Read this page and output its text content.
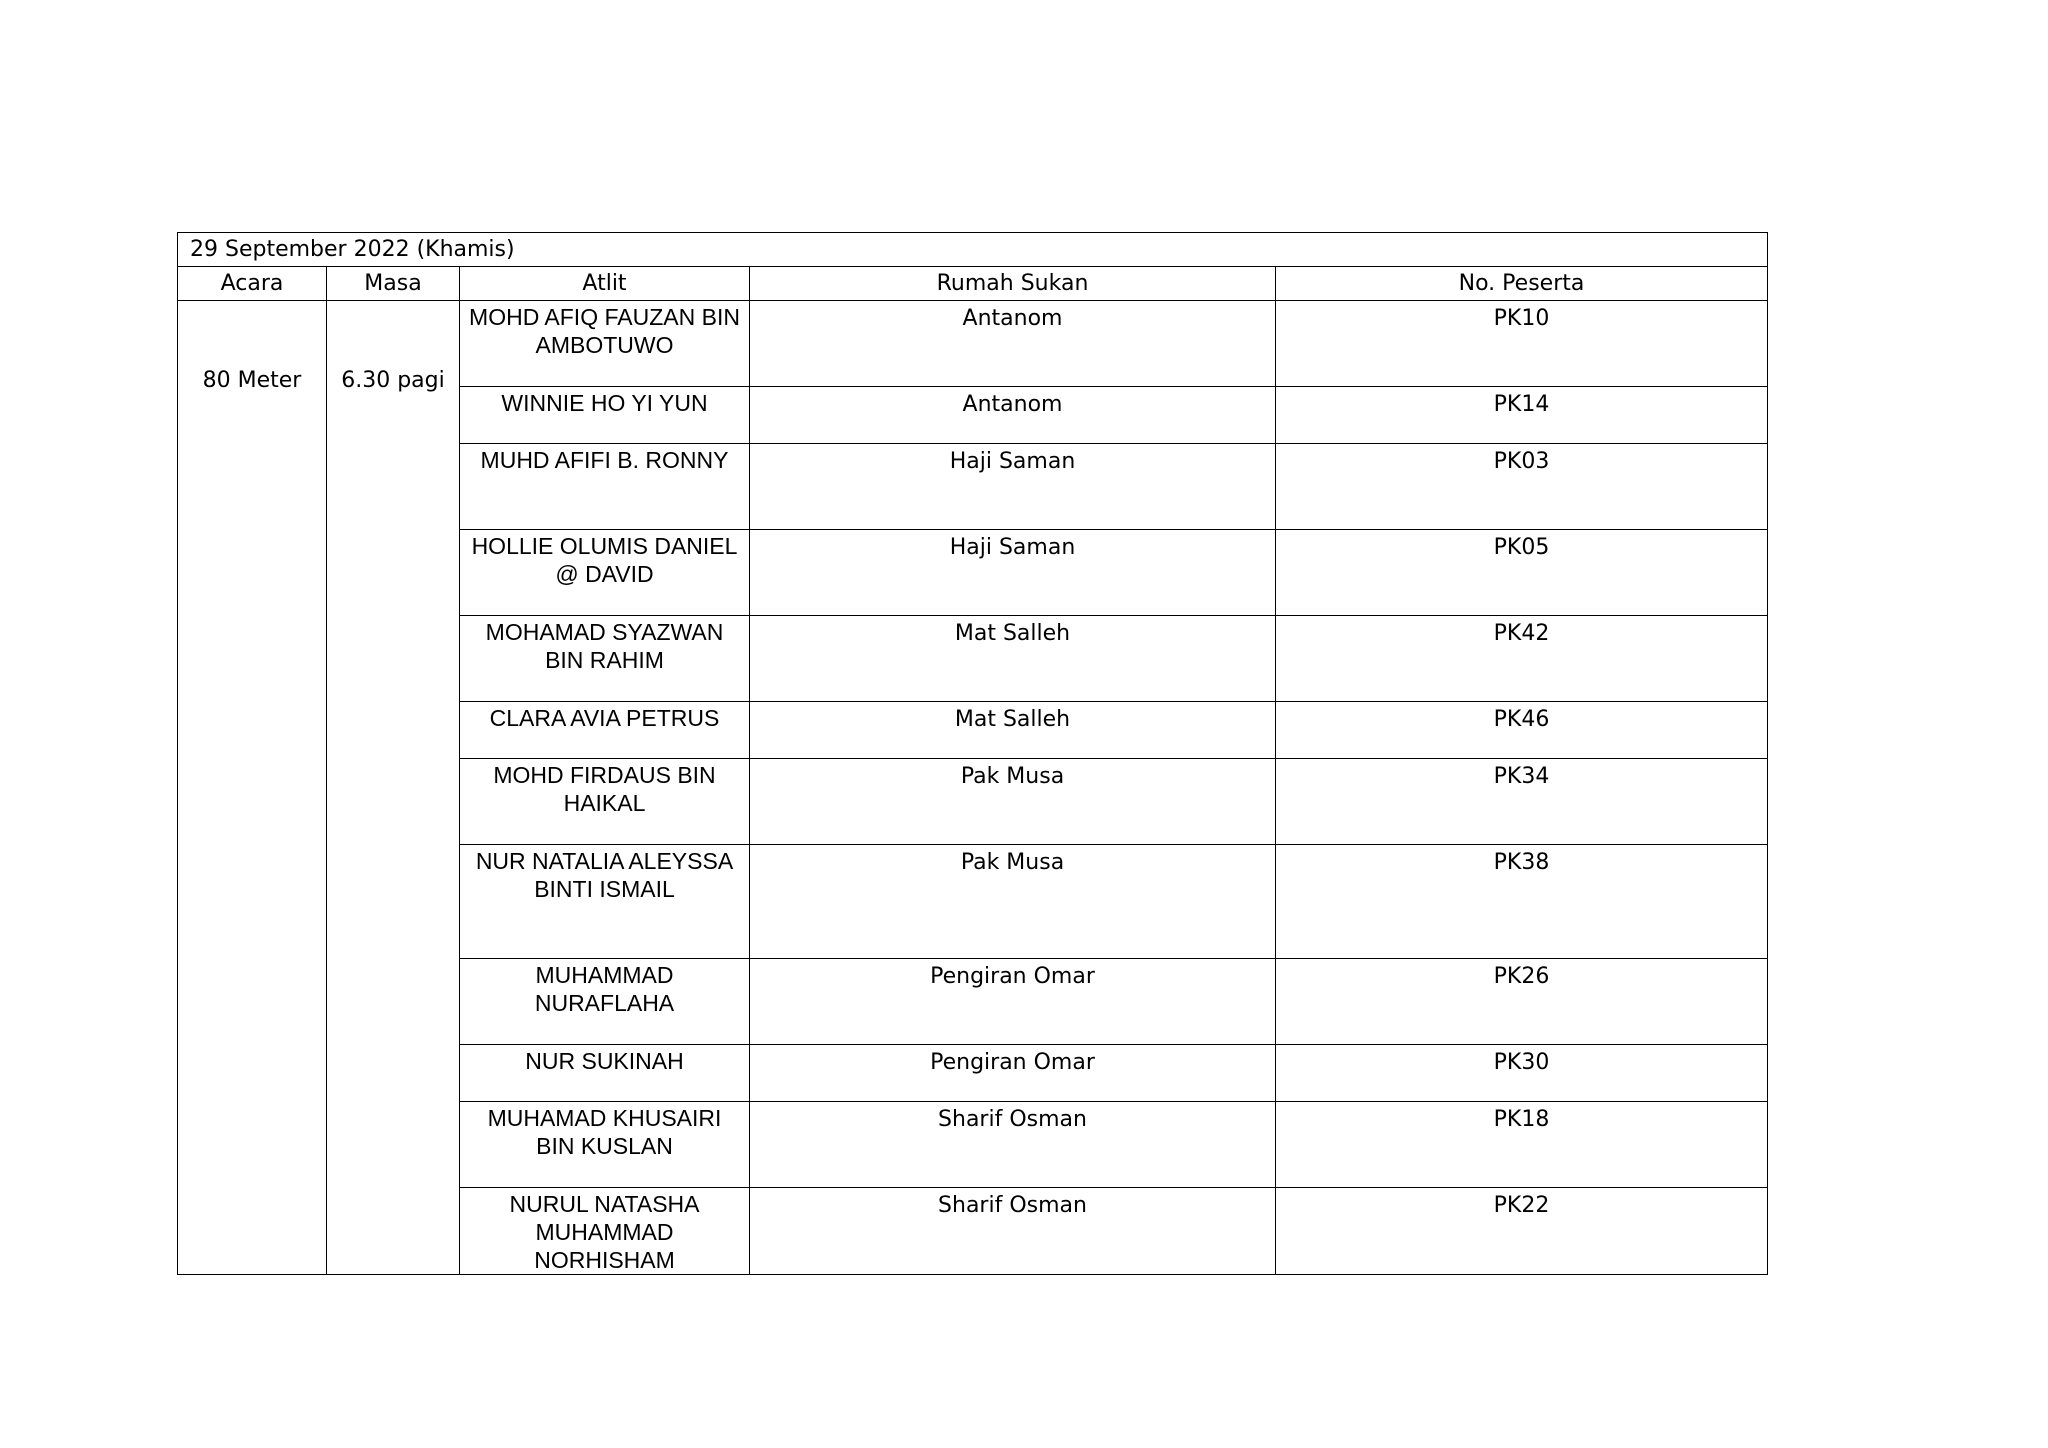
29 September 2022 (Khamis)				
Acara	Masa	Atlit	Rumah Sukan	No. Peserta
80 Meter	6.30 pagi	MOHD AFIQ FAUZAN BIN AMBOTUWO	Antanom	PK10
		WINNIE HO YI YUN	Antanom	PK14
		MUHD AFIFI B. RONNY	Haji Saman	PK03
		HOLLIE OLUMIS DANIEL @ DAVID	Haji Saman	PK05
		MOHAMAD SYAZWAN BIN RAHIM	Mat Salleh	PK42
		CLARA AVIA PETRUS	Mat Salleh	PK46
		MOHD FIRDAUS BIN HAIKAL	Pak Musa	PK34
		NUR NATALIA ALEYSSA BINTI ISMAIL	Pak Musa	PK38
		MUHAMMAD NURAFLAHA	Pengiran Omar	PK26
		NUR SUKINAH	Pengiran Omar	PK30
		MUHAMAD KHUSAIRI BIN KUSLAN	Sharif Osman	PK18
		NURUL NATASHA MUHAMMAD NORHISHAM	Sharif Osman	PK22
